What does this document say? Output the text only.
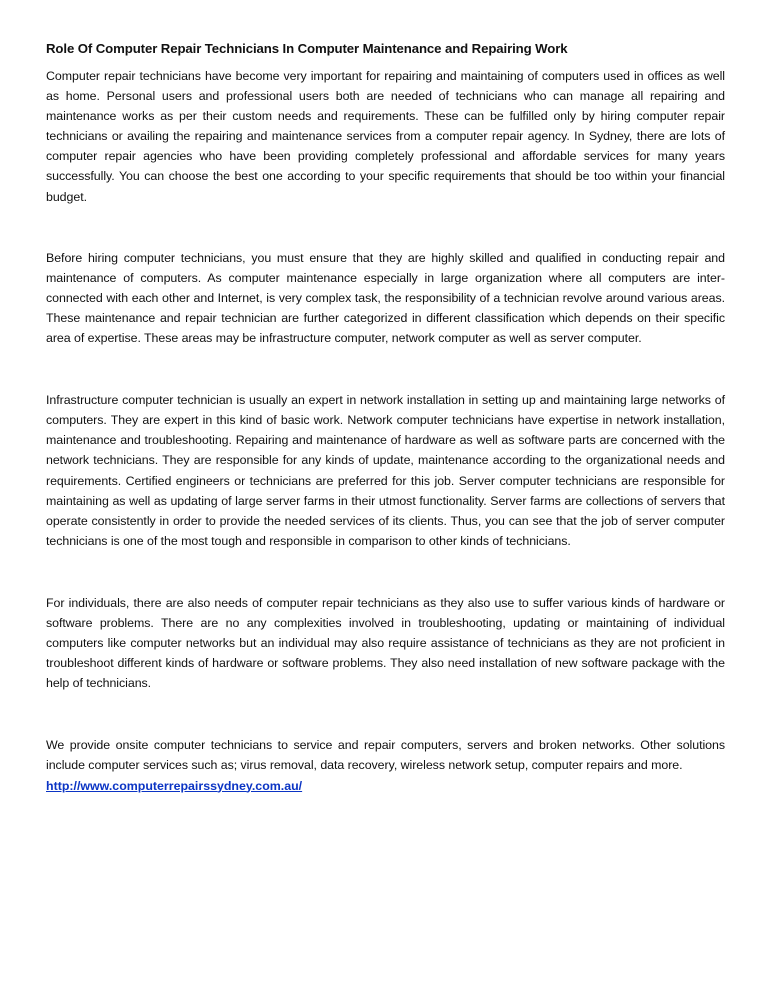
Role Of Computer Repair Technicians In Computer Maintenance and Repairing Work

Computer repair technicians have become very important for repairing and maintaining of computers used in offices as well as home. Personal users and professional users both are needed of technicians who can manage all repairing and maintenance works as per their custom needs and requirements. These can be fulfilled only by hiring computer repair technicians or availing the repairing and maintenance services from a computer repair agency. In Sydney, there are lots of computer repair agencies who have been providing completely professional and affordable services for many years successfully. You can choose the best one according to your specific requirements that should be too within your financial budget.

Before hiring computer technicians, you must ensure that they are highly skilled and qualified in conducting repair and maintenance of computers. As computer maintenance especially in large organization where all computers are inter-connected with each other and Internet, is very complex task, the responsibility of a technician revolve around various areas. These maintenance and repair technician are further categorized in different classification which depends on their specific area of expertise. These areas may be infrastructure computer, network computer as well as server computer.

Infrastructure computer technician is usually an expert in network installation in setting up and maintaining large networks of computers. They are expert in this kind of basic work. Network computer technicians have expertise in network installation, maintenance and troubleshooting. Repairing and maintenance of hardware as well as software parts are concerned with the network technicians. They are responsible for any kinds of update, maintenance according to the organizational needs and requirements. Certified engineers or technicians are preferred for this job. Server computer technicians are responsible for maintaining as well as updating of large server farms in their utmost functionality. Server farms are collections of servers that operate consistently in order to provide the needed services of its clients. Thus, you can see that the job of server computer technicians is one of the most tough and responsible in comparison to other kinds of technicians.

For individuals, there are also needs of computer repair technicians as they also use to suffer various kinds of hardware or software problems. There are no any complexities involved in troubleshooting, updating or maintaining of individual computers like computer networks but an individual may also require assistance of technicians as they are not proficient in troubleshoot different kinds of hardware or software problems. They also need installation of new software package with the help of technicians.

We provide onsite computer technicians to service and repair computers, servers and broken networks. Other solutions include computer services such as; virus removal, data recovery, wireless network setup, computer repairs and more.

http://www.computerrepairssydney.com.au/
